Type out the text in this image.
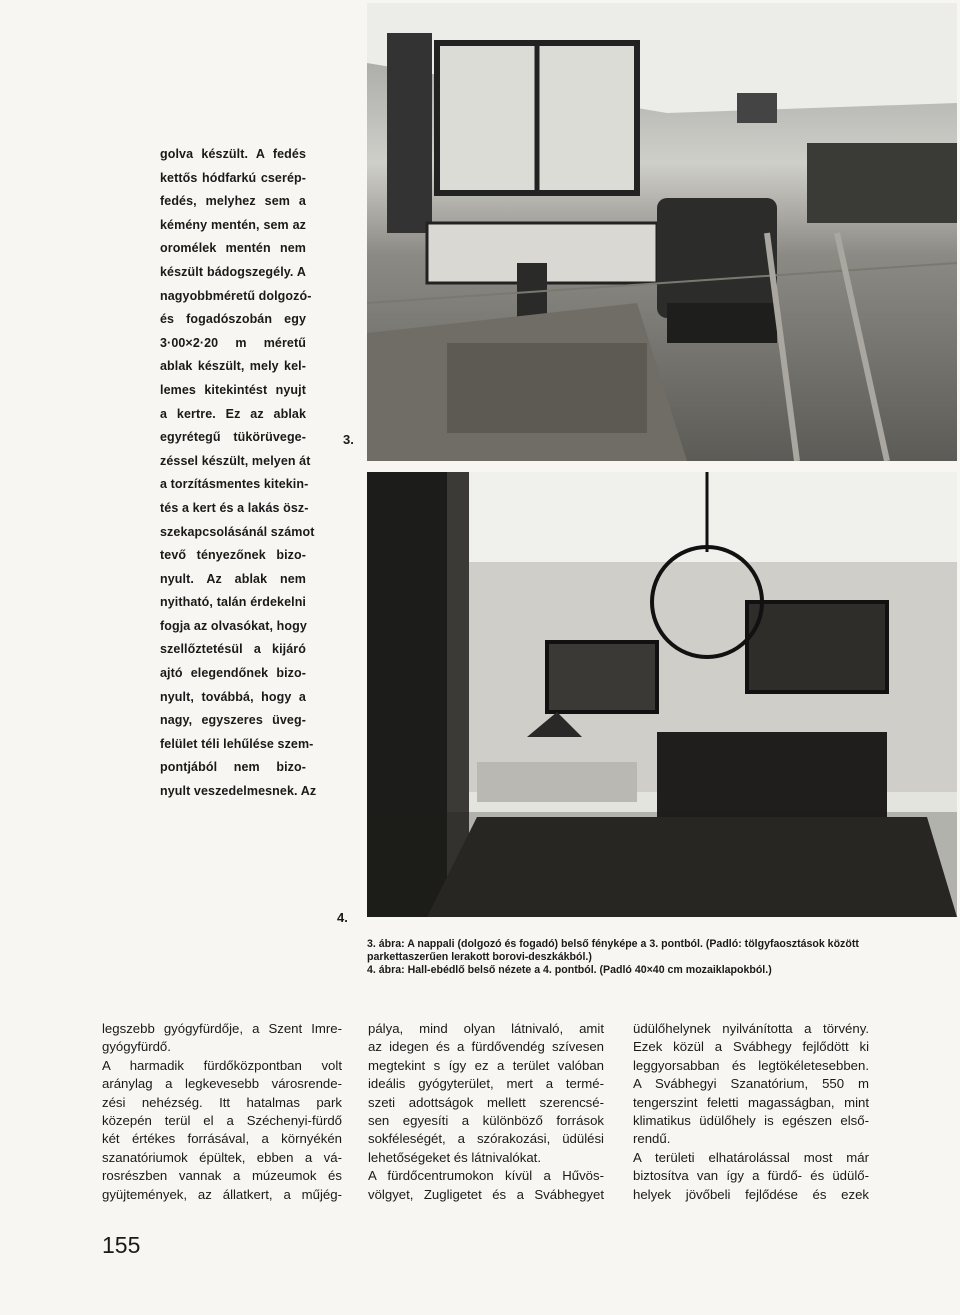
golva készült. A fedés
kettős hódfarkú cserép-
fedés, melyhez sem a
kémény mentén, sem az
oromélek mentén nem
készült bádogszegély. A
nagyobbméretű dolgozó-
és fogadószobán egy
3·00×2·20 m méretű
ablak készült, mely kel-
lemes kitekintést nyujt
a kertre. Ez az ablak
egyrétegű tükörüvege-
zéssel készült, melyen át
a torzításmentes kitekin-
tés a kert és a lakás ösz-
szekapcsolásánál számot
tevő tényezőnek bizo-
nyult. Az ablak nem
nyitható, talán érdekelni
fogja az olvasókat, hogy
szellőztetésül a kijáró
ajtó elegendőnek bizo-
nyult, továbbá, hogy a
nagy, egyszeres üveg-
felület téli lehűlése szem-
pontjából nem bizo-
nyult veszedelmesnek. Az
3.
4.
3. ábra: A nappali (dolgozó és fogadó) belső fényképe a 3. pontból. (Padló: tölgyfaosztások között
parkettaszerűen lerakott borovi-deszkákból.)
4. ábra: Hall-ebédlő belső nézete a 4. pontból. (Padló 40×40 cm mozaiklapokból.)
legszebb gyógyfürdője, a Szent Imre-
gyógyfürdő.
A harmadik fürdőközpontban volt
aránylag a legkevesebb városrende-
zési nehézség. Itt hatalmas park
közepén terül el a Széchenyi-fürdő
két értékes forrásával, a környékén
szanatóriumok épültek, ebben a vá-
rosrészben vannak a múzeumok és
gyüjtemények, az állatkert, a műjég-
pálya, mind olyan látnivaló, amit
az idegen és a fürdővendég szívesen
megtekint s így ez a terület valóban
ideális gyógyterület, mert a termé-
szeti adottságok mellett szerencsé-
sen egyesíti a különböző források
sokféleségét, a szórakozási, üdülési
lehetőségeket és látnivalókat.
A fürdőcentrumokon kívül a Hűvös-
völgyet, Zugligetet és a Svábhegyet
üdülőhelynek nyilvánította a törvény.
Ezek közül a Svábhegy fejlődött ki
leggyorsabban és legtökéletesebben.
A Svábhegyi Szanatórium, 550 m
tengerszint feletti magasságban, mint
klimatikus üdülőhely is egészen első-
rendű.
A területi elhatárolással most már
biztosítva van így a fürdő- és üdülő-
helyek jövőbeli fejlődése és ezek
155
